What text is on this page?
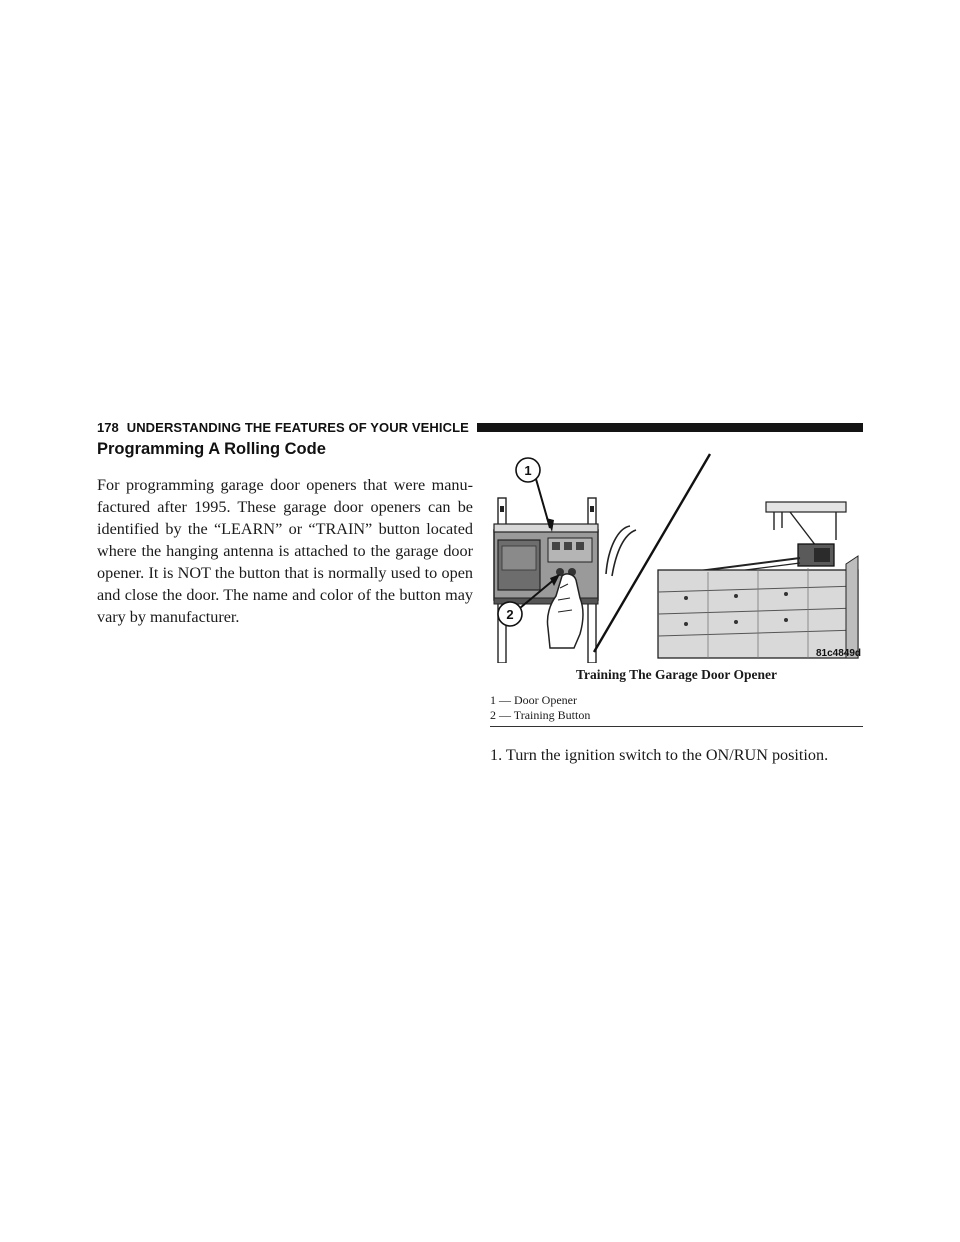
178 UNDERSTANDING THE FEATURES OF YOUR VEHICLE
Programming A Rolling Code

For programming garage door openers that were manu-factured after 1995. These garage door openers can be identified by the “LEARN” or “TRAIN” button located where the hanging antenna is attached to the garage door opener. It is NOT the button that is normally used to open and close the door. The name and color of the button may vary by manufacturer.

1
2
81c4849d
Training The Garage Door Opener
1 — Door Opener
2 — Training Button

1. Turn the ignition switch to the ON/RUN position.
